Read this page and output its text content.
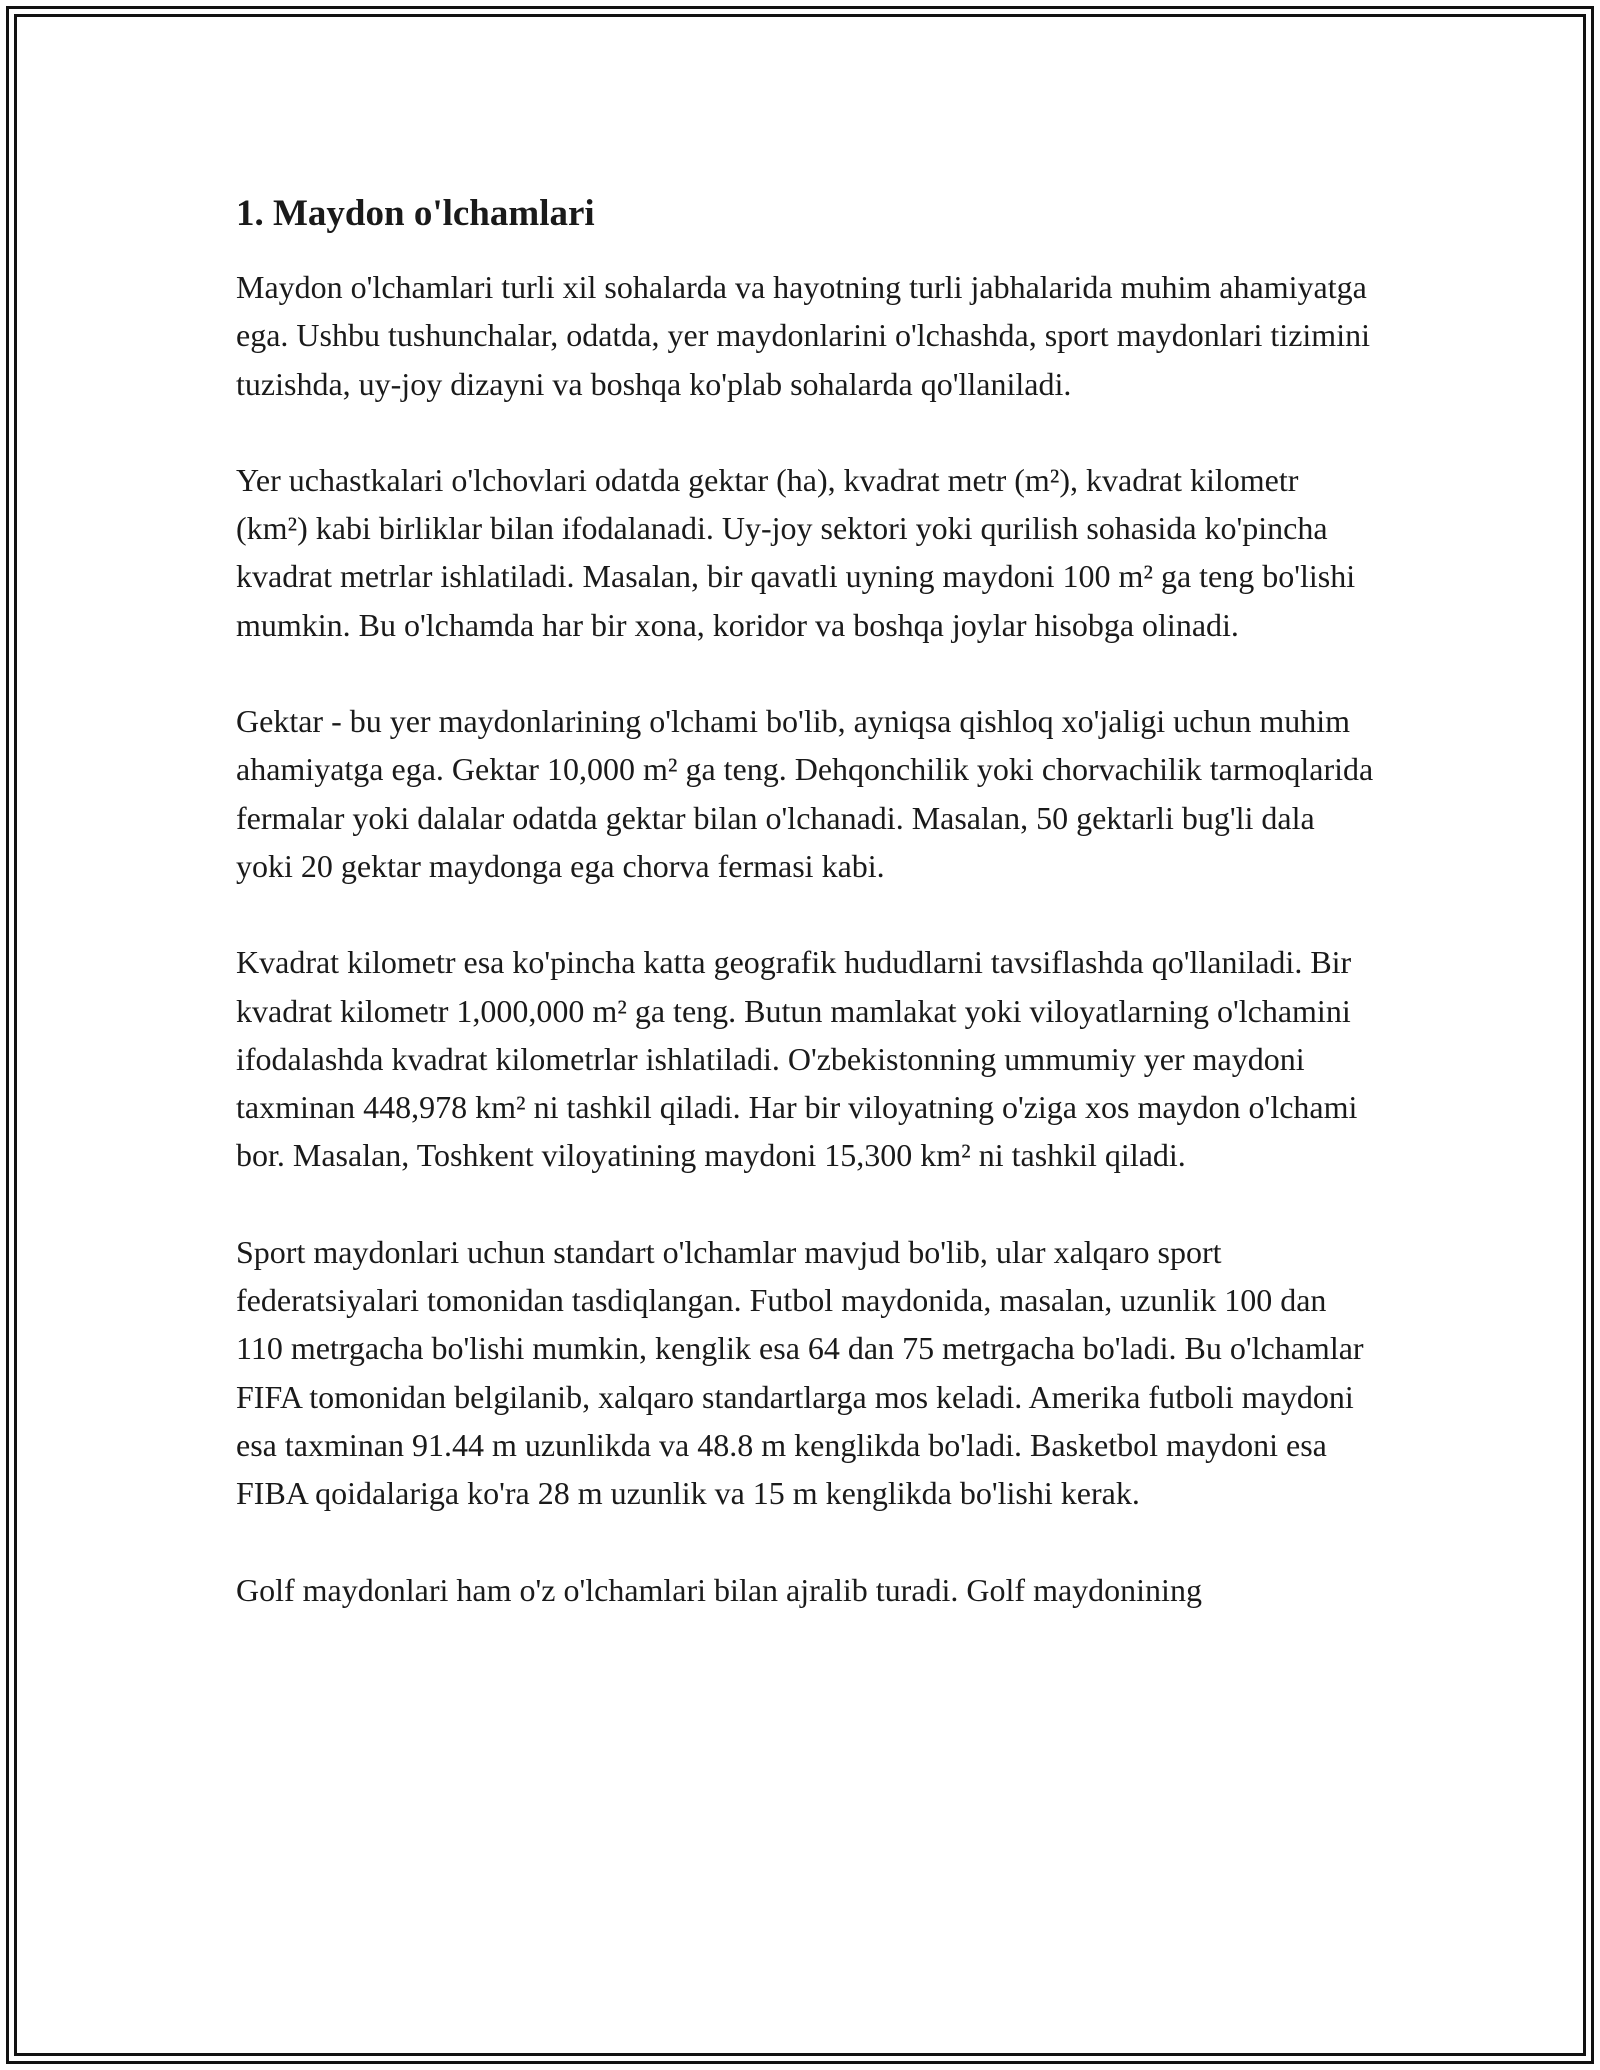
1. Maydon o'lchamlari

Maydon o'lchamlari turli xil sohalarda va hayotning turli jabhalarida muhim ahamiyatga ega. Ushbu tushunchalar, odatda, yer maydonlarini o'lchashda, sport maydonlari tizimini tuzishda, uy-joy dizayni va boshqa ko'plab sohalarda qo'llaniladi.

Yer uchastkalari o'lchovlari odatda gektar (ha), kvadrat metr (m²), kvadrat kilometr (km²) kabi birliklar bilan ifodalanadi. Uy-joy sektori yoki qurilish sohasida ko'pincha kvadrat metrlar ishlatiladi. Masalan, bir qavatli uyning maydoni 100 m² ga teng bo'lishi mumkin. Bu o'lchamda har bir xona, koridor va boshqa joylar hisobga olinadi.

Gektar - bu yer maydonlarining o'lchami bo'lib, ayniqsa qishloq xo'jaligi uchun muhim ahamiyatga ega. Gektar 10,000 m² ga teng. Dehqonchilik yoki chorvachilik tarmoqlarida fermalar yoki dalalar odatda gektar bilan o'lchanadi. Masalan, 50 gektarli bug'li dala yoki 20 gektar maydonga ega chorva fermasi kabi.

Kvadrat kilometr esa ko'pincha katta geografik hududlarni tavsiflashda qo'llaniladi. Bir kvadrat kilometr 1,000,000 m² ga teng. Butun mamlakat yoki viloyatlarning o'lchamini ifodalashda kvadrat kilometrlar ishlatiladi. O'zbekistonning ummumiy yer maydoni taxminan 448,978 km² ni tashkil qiladi. Har bir viloyatning o'ziga xos maydon o'lchami bor. Masalan, Toshkent viloyatining maydoni 15,300 km² ni tashkil qiladi.

Sport maydonlari uchun standart o'lchamlar mavjud bo'lib, ular xalqaro sport federatsiyalari tomonidan tasdiqlangan. Futbol maydonida, masalan, uzunlik 100 dan 110 metrgacha bo'lishi mumkin, kenglik esa 64 dan 75 metrgacha bo'ladi. Bu o'lchamlar FIFA tomonidan belgilanib, xalqaro standartlarga mos keladi. Amerika futboli maydoni esa taxminan 91.44 m uzunlikda va 48.8 m kenglikda bo'ladi. Basketbol maydoni esa FIBA qoidalariga ko'ra 28 m uzunlik va 15 m kenglikda bo'lishi kerak.

Golf maydonlari ham o'z o'lchamlari bilan ajralib turadi. Golf maydonining
